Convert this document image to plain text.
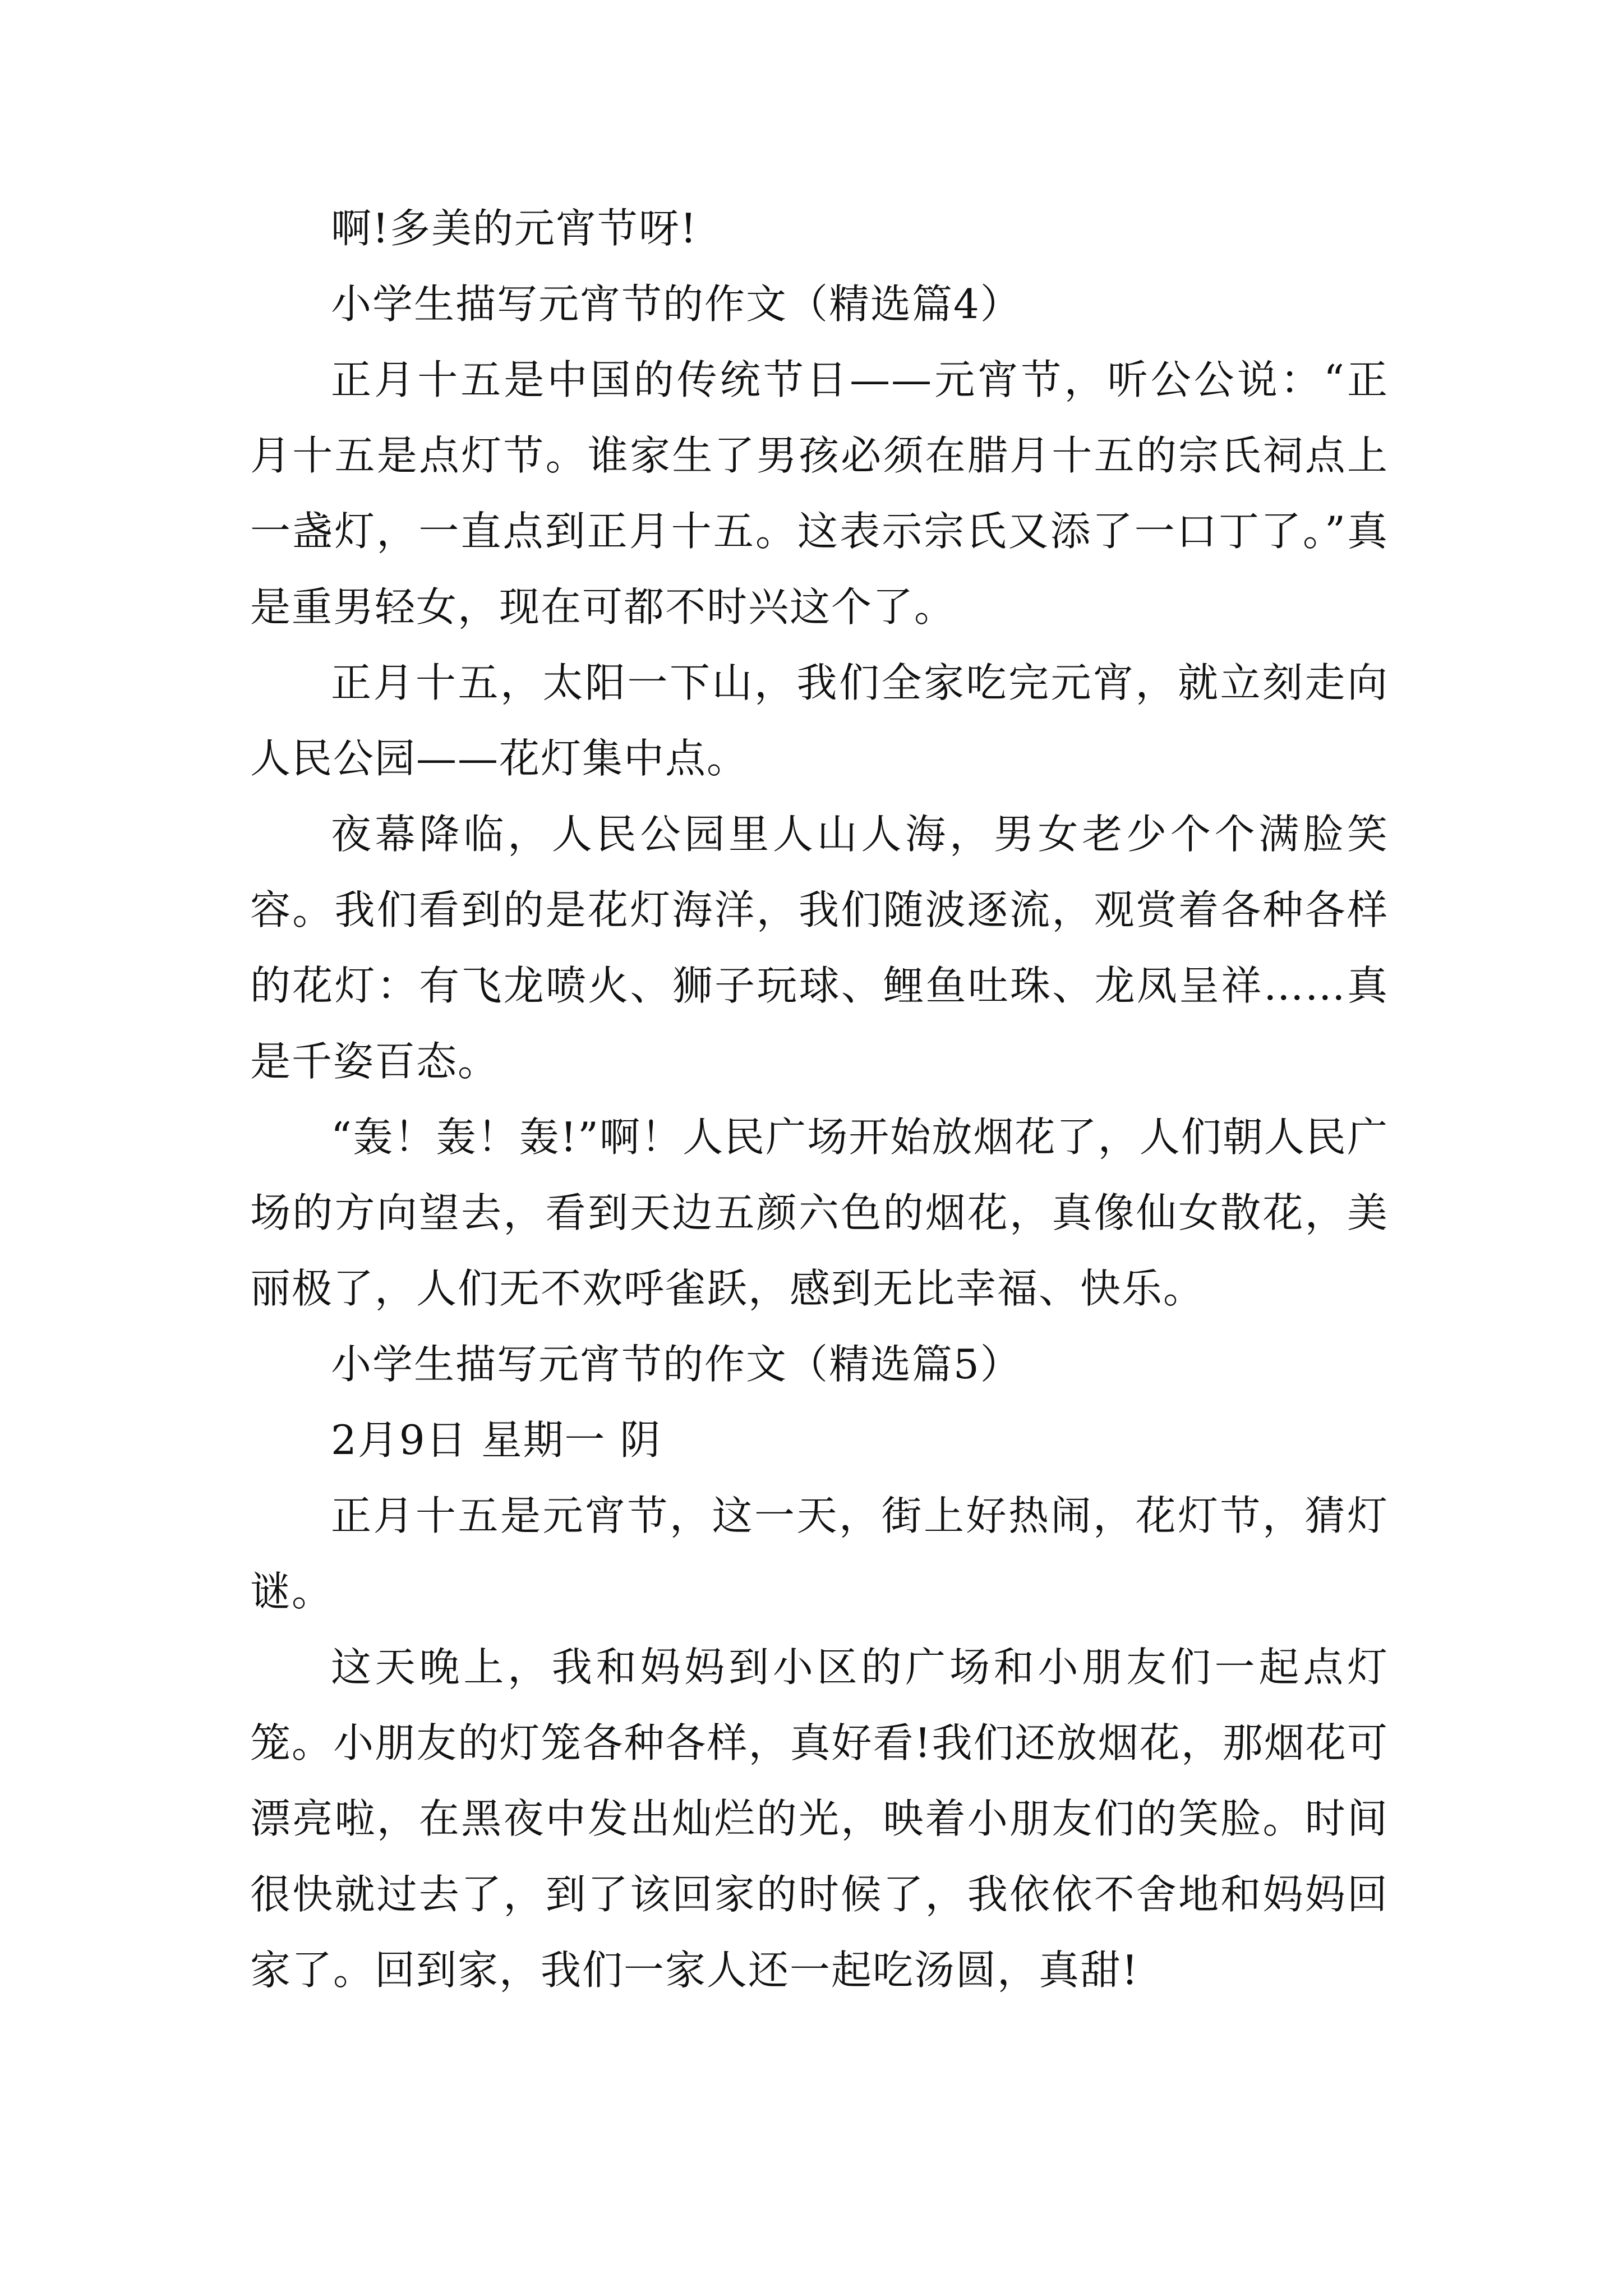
啊!多美的元宵节呀!

小学生描写元宵节的作文（精选篇4）

正月十五是中国的传统节日——元宵节，听公公说：“正月十五是点灯节。谁家生了男孩必须在腊月十五的宗氏祠点上一盏灯，一直点到正月十五。这表示宗氏又添了一口丁了。”真是重男轻女，现在可都不时兴这个了。

正月十五，太阳一下山，我们全家吃完元宵，就立刻走向人民公园——花灯集中点。

夜幕降临，人民公园里人山人海，男女老少个个满脸笑容。我们看到的是花灯海洋，我们随波逐流，观赏着各种各样的花灯：有飞龙喷火、狮子玩球、鲤鱼吐珠、龙凤呈祥……真是千姿百态。

“轰！轰！轰!”啊！人民广场开始放烟花了，人们朝人民广场的方向望去，看到天边五颜六色的烟花，真像仙女散花，美丽极了，人们无不欢呼雀跃，感到无比幸福、快乐。

小学生描写元宵节的作文（精选篇5）

2月9日 星期一 阴

正月十五是元宵节，这一天，街上好热闹，花灯节，猜灯谜。

这天晚上，我和妈妈到小区的广场和小朋友们一起点灯笼。小朋友的灯笼各种各样，真好看!我们还放烟花，那烟花可漂亮啦，在黑夜中发出灿烂的光，映着小朋友们的笑脸。时间很快就过去了，到了该回家的时候了，我依依不舍地和妈妈回家了。回到家，我们一家人还一起吃汤圆，真甜!
